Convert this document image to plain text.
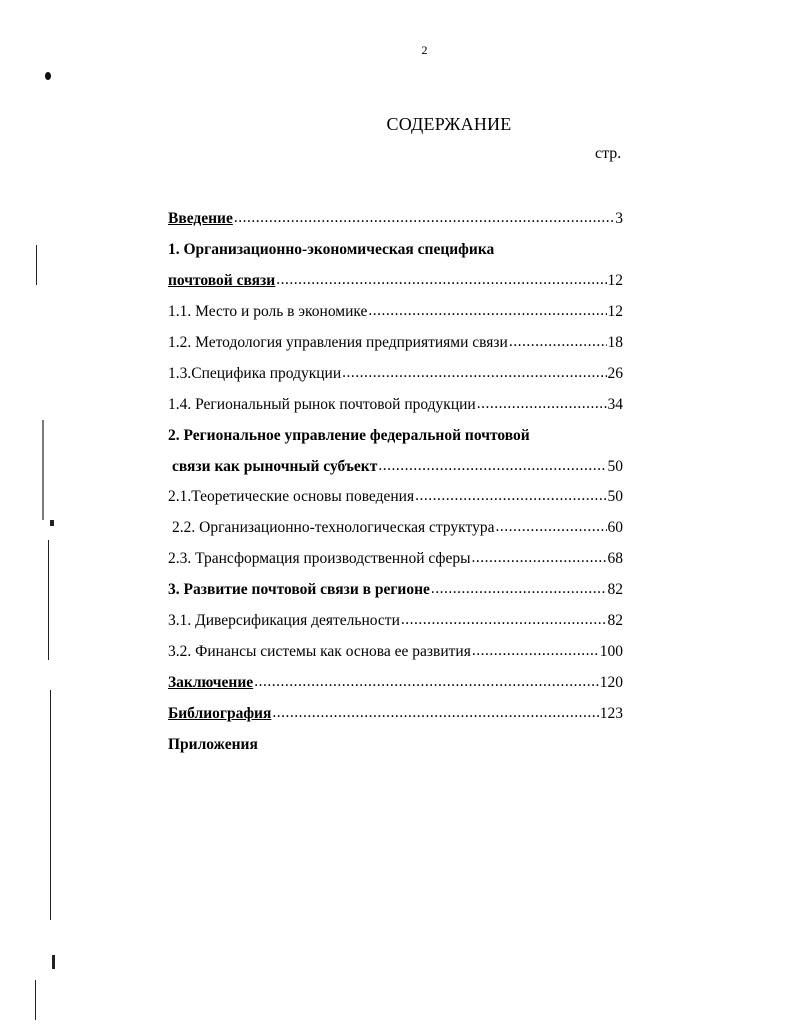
2
СОДЕРЖАНИЕ
стр.
Введение .....	3
1. Организационно-экономическая специфика
почтовой связи .....	12
1.1. Место и роль в экономике .....	12
1.2. Методология управления предприятиями связи .....	18
1.3.Специфика продукции .....	26
1.4. Региональный рынок почтовой продукции .....	34
2. Региональное управление федеральной почтовой
связи как рыночный субъект .....	50
2.1.Теоретические основы поведения .....	50
2.2. Организационно-технологическая структура .....	60
2.3. Трансформация производственной сферы .....	68
3. Развитие почтовой связи в регионе .....	82
3.1. Диверсификация деятельности .....	82
3.2. Финансы системы как основа ее развития .....	100
Заключение .....	120
Библиография .....	123
Приложения
